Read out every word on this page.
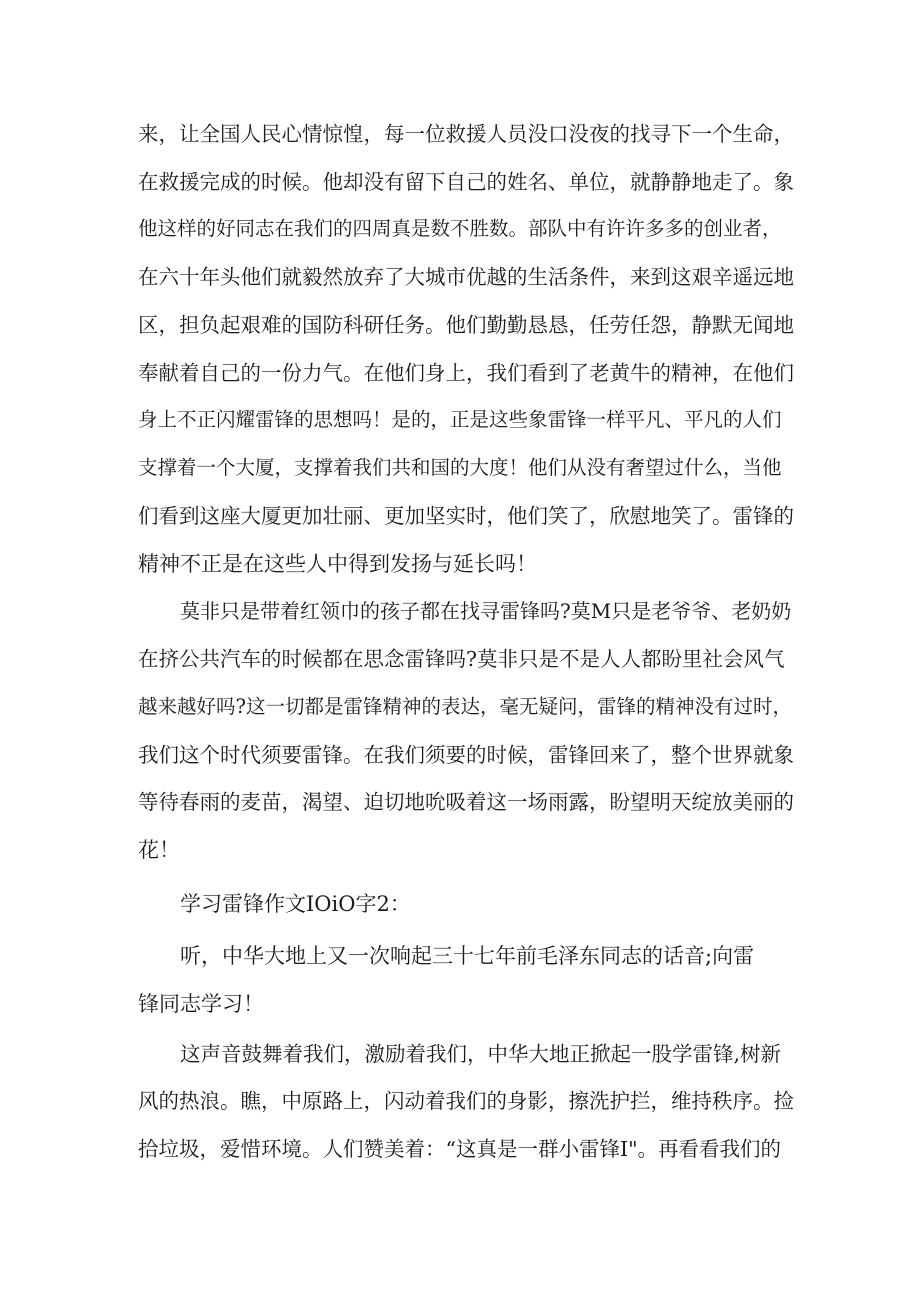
来，让全国人民心情惊惶，每一位救援人员没口没夜的找寻下一个生命，
在救援完成的时候。他却没有留下自己的姓名、单位，就静静地走了。象
他这样的好同志在我们的四周真是数不胜数。部队中有许许多多的创业者，
在六十年头他们就毅然放弃了大城市优越的生活条件，来到这艰辛遥远地
区，担负起艰难的国防科研任务。他们勤勤恳恳，任劳任怨，静默无闻地
奉献着自己的一份力气。在他们身上，我们看到了老黄牛的精神，在他们
身上不正闪耀雷锋的思想吗！是的，正是这些象雷锋一样平凡、平凡的人们
支撑着一个大厦，支撑着我们共和国的大度！他们从没有奢望过什么，当他
们看到这座大厦更加壮丽、更加坚实时，他们笑了，欣慰地笑了。雷锋的
精神不正是在这些人中得到发扬与延长吗！
莫非只是带着红领巾的孩子都在找寻雷锋吗?莫M只是老爷爷、老奶奶
在挤公共汽车的时候都在思念雷锋吗?莫非只是不是人人都盼里社会风气
越来越好吗?这一切都是雷锋精神的表达，毫无疑问，雷锋的精神没有过时，
我们这个时代须要雷锋。在我们须要的时候，雷锋回来了，整个世界就象
等待春雨的麦苗，渴望、迫切地吮吸着这一场雨露，盼望明天绽放美丽的
花！
学习雷锋作文IOiO字2：
听，中华大地上又一次响起三十七年前毛泽东同志的话音;向雷
锋同志学习！
这声音鼓舞着我们，激励着我们，中华大地正掀起一股学雷锋,树新
风的热浪。瞧，中原路上，闪动着我们的身影，擦洗护拦，维持秩序。捡
拾垃圾，爱惜环境。人们赞美着：“这真是一群小雷锋I"。再看看我们的
